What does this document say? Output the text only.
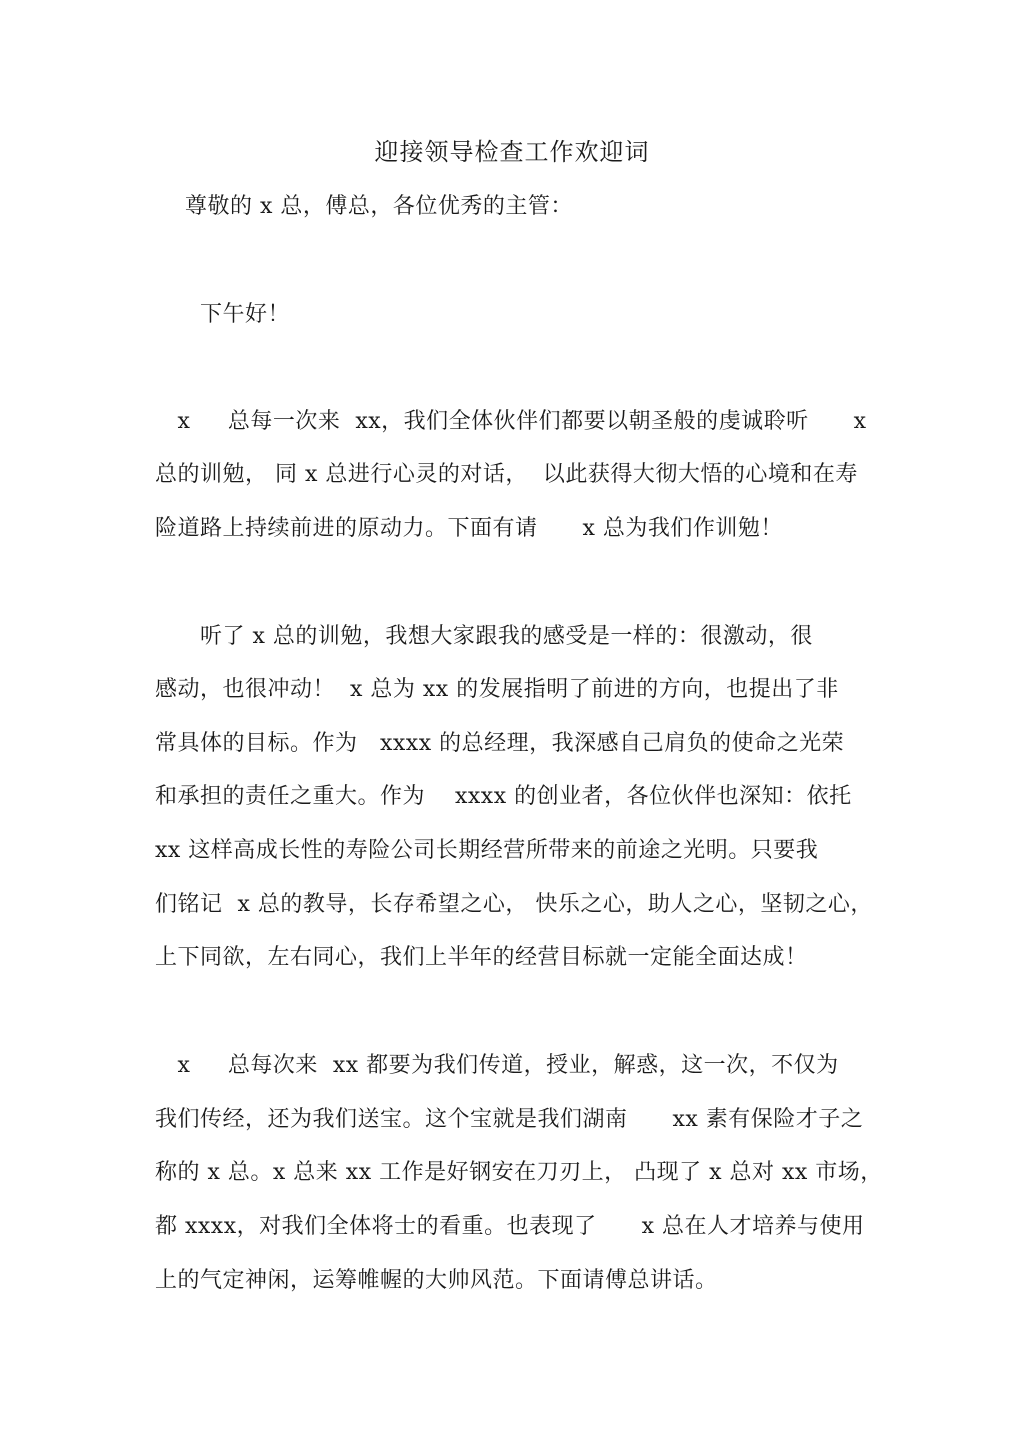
迎接领导检查工作欢迎词
尊敬的 x 总，傅总，各位优秀的主管：
下午好！
x     总每一次来  xx，我们全体伙伴们都要以朝圣般的虔诚聆听      x
总的训勉， 同 x 总进行心灵的对话，  以此获得大彻大悟的心境和在寿
险道路上持续前进的原动力。下面有请      x 总为我们作训勉！
听了 x 总的训勉，我想大家跟我的感受是一样的：很激动，很
感动，也很冲动！  x 总为 xx 的发展指明了前进的方向，也提出了非
常具体的目标。作为   xxxx 的总经理，我深感自己肩负的使命之光荣
和承担的责任之重大。作为    xxxx 的创业者，各位伙伴也深知：依托
xx 这样高成长性的寿险公司长期经营所带来的前途之光明。只要我
们铭记  x 总的教导，长存希望之心， 快乐之心，助人之心，坚韧之心，
上下同欲，左右同心，我们上半年的经营目标就一定能全面达成！
x     总每次来  xx 都要为我们传道，授业，解惑，这一次，不仅为
我们传经，还为我们送宝。这个宝就是我们湖南      xx 素有保险才子之
称的 x 总。x 总来 xx 工作是好钢安在刀刃上， 凸现了 x 总对 xx 市场，
都 xxxx，对我们全体将士的看重。也表现了      x 总在人才培养与使用
上的气定神闲，运筹帷幄的大帅风范。下面请傅总讲话。
